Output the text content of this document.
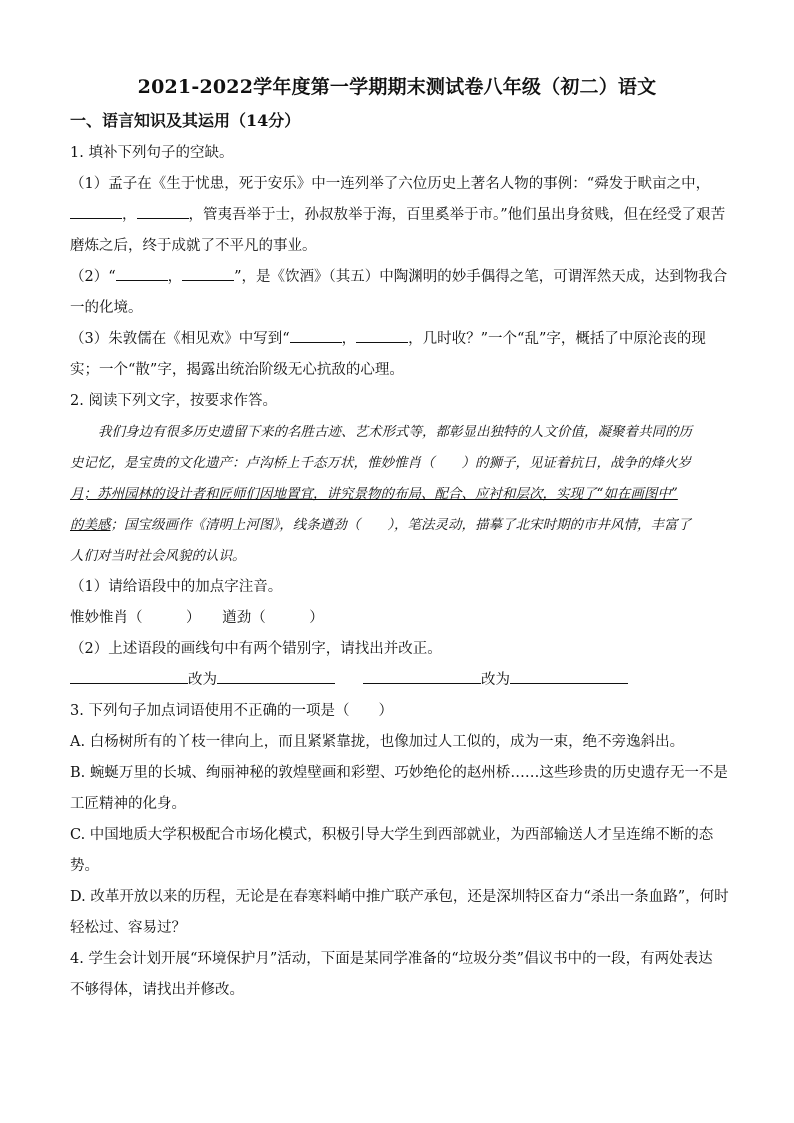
2021-2022学年度第一学期期末测试卷八年级（初二）语文
一、语言知识及其运用（14分）
1. 填补下列句子的空缺。
（1）孟子在《生于忧患，死于安乐》中一连列举了六位历史上著名人物的事例：“舜发于畎亩之中，
，	，管夷吾举于士，孙叔敖举于海，百里奚举于市。”他们虽出身贫贱，但在经受了艰苦
磨炼之后，终于成就了不平凡的事业。
（2）“	，	”，是《饮酒》（其五）中陶渊明的妙手偶得之笔，可谓浑然天成，达到物我合
一的化境。
（3）朱敦儒在《相见欢》中写到“	，	，几时收？”一个“乱”字，概括了中原沦丧的现
实；一个“散”字，揭露出统治阶级无心抗敌的心理。
2. 阅读下列文字，按要求作答。
我们身边有很多历史遗留下来的名胜古迹、艺术形式等，都彰显出独特的人文价值，凝聚着共同的历
史记忆，是宝贵的文化遗产：卢沟桥上千态万状，惟妙惟肖（　　）的狮子，见证着抗日，战争的烽火岁
月；苏州园林的设计者和匠师们因地置宜，讲究景物的布局、配合、应衬和层次，实现了“如在画图中”
的美感；国宝级画作《清明上河图》，线条遒劲（　　），笔法灵动，描摹了北宋时期的市井风情，丰富了
人们对当时社会风貌的认识。
（1）请给语段中的加点字注音。
惟妙惟肖（　　　）　　遒劲（　　　）
（2）上述语段的画线句中有两个错别字，请找出并改正。
改为	改为
3. 下列句子加点词语使用不正确的一项是（　　）
A. 白杨树所有的丫枝一律向上，而且紧紧靠拢，也像加过人工似的，成为一束，绝不旁逸斜出。
B. 蜿蜒万里的长城、绚丽神秘的敦煌壁画和彩塑、巧妙绝伦的赵州桥……这些珍贵的历史遗存无一不是
工匠精神的化身。
C. 中国地质大学积极配合市场化模式，积极引导大学生到西部就业，为西部输送人才呈连绵不断的态
势。
D. 改革开放以来的历程，无论是在春寒料峭中推广联产承包，还是深圳特区奋力“杀出一条血路”，何时
轻松过、容易过？
4. 学生会计划开展“环境保护月”活动，下面是某同学准备的“垃圾分类”倡议书中的一段，有两处表达
不够得体，请找出并修改。
